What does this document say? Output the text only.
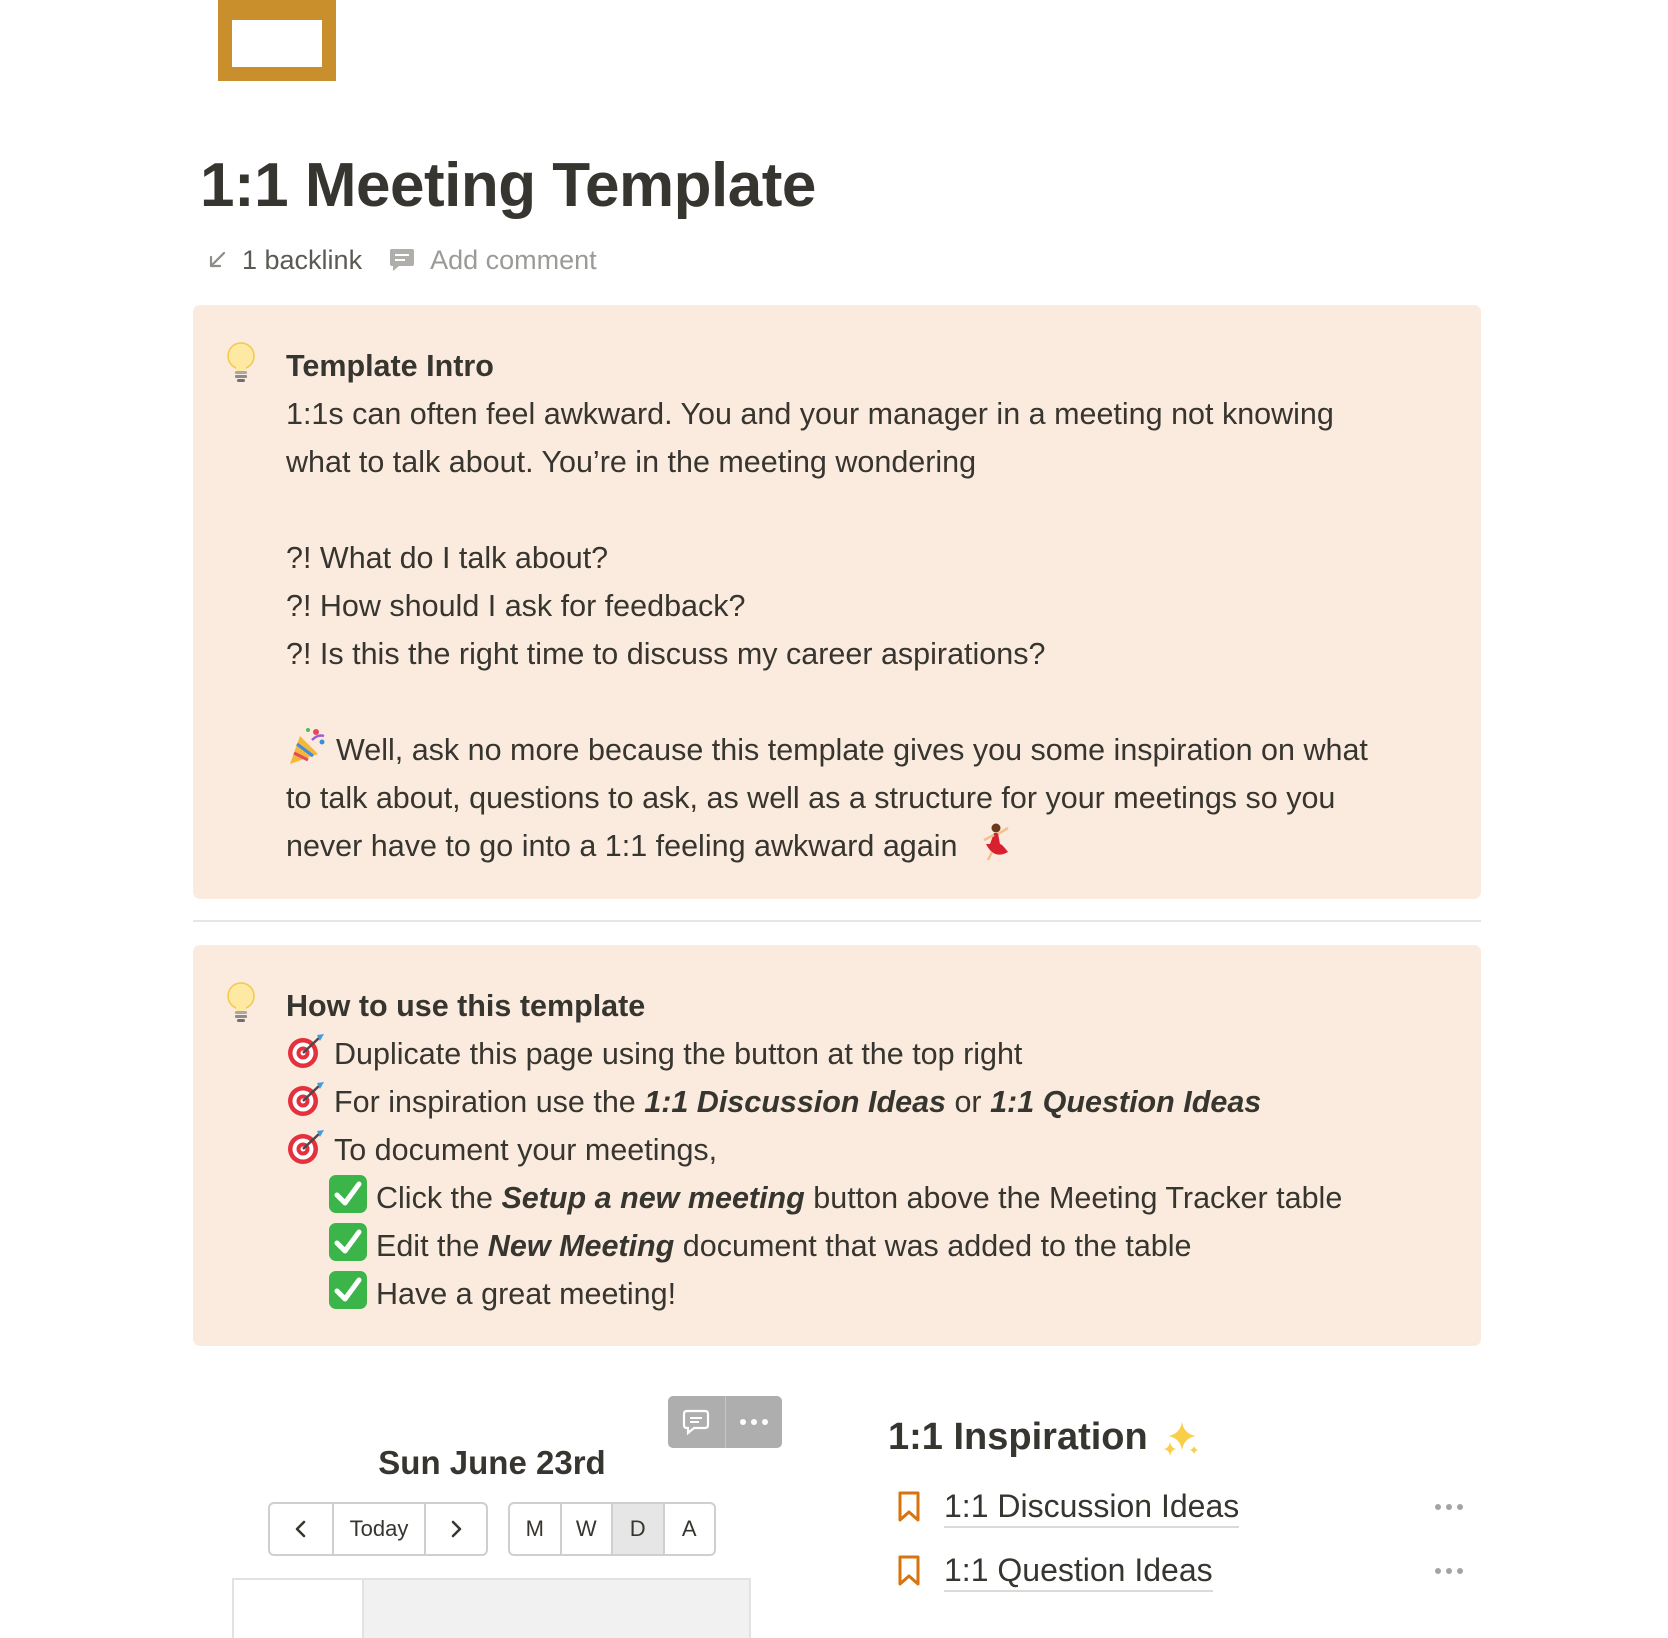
1:1 Meeting Template
1 backlink	Add comment

Template Intro

1:1s can often feel awkward. You and your manager in a meeting not knowing

what to talk about. You’re in the meeting wondering

?! What do I talk about?

?! How should I ask for feedback?

?! Is this the right time to discuss my career aspirations?

Well, ask no more because this template gives you some inspiration on what

to talk about, questions to ask, as well as a structure for your meetings so you

never have to go into a 1:1 feeling awkward again

How to use this template

Duplicate this page using the button at the top right

For inspiration use the 1:1 Discussion Ideas or 1:1 Question Ideas

To document your meetings,

Click the Setup a new meeting button above the Meeting Tracker table

Edit the New Meeting document that was added to the table

Have a great meeting!

Sun June 23rd
Today	M	W	D	A
1:1 Inspiration
1:1 Discussion Ideas
1:1 Question Ideas
